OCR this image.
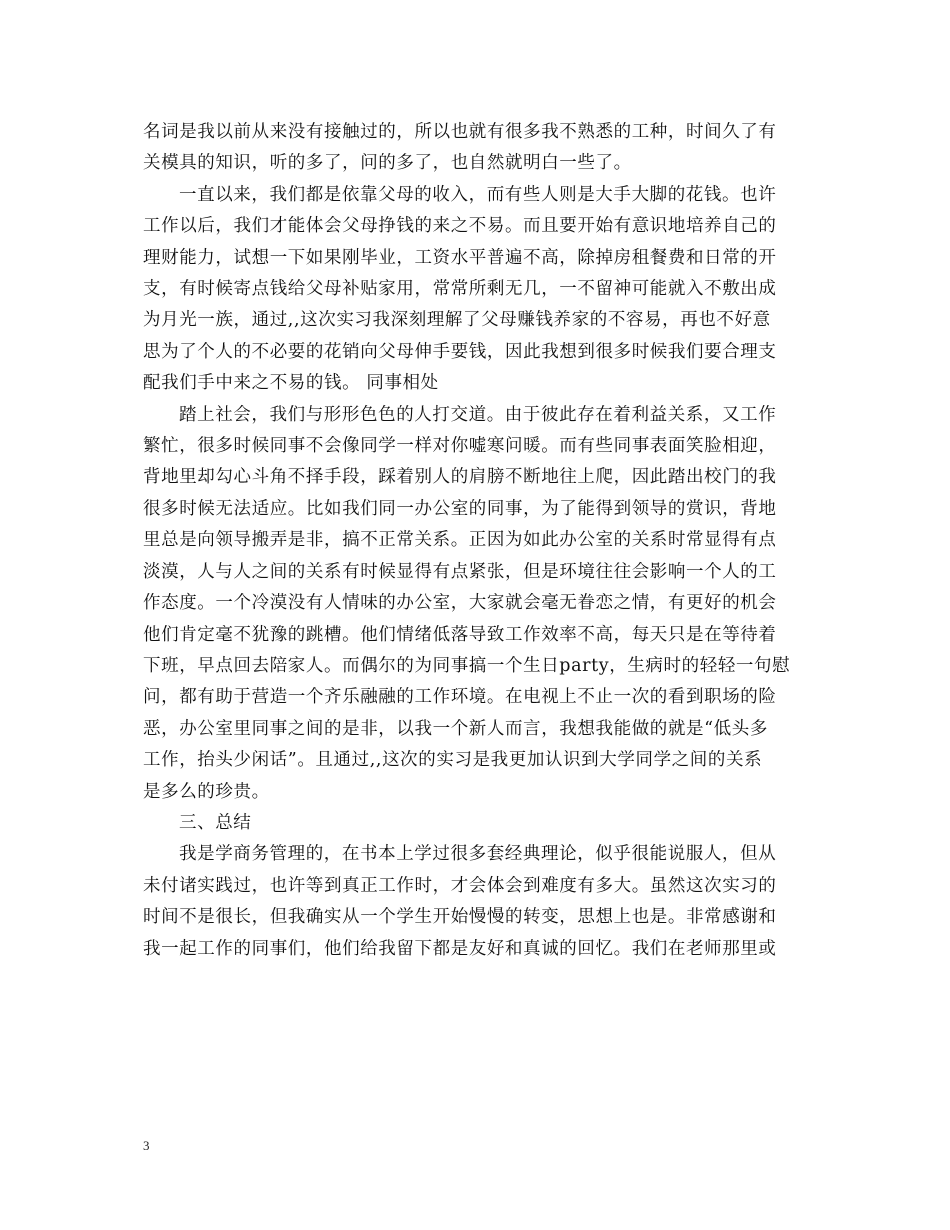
名词是我以前从来没有接触过的，所以也就有很多我不熟悉的工种，时间久了有
关模具的知识，听的多了，问的多了，也自然就明白一些了。

一直以来，我们都是依靠父母的收入，而有些人则是大手大脚的花钱。也许
工作以后，我们才能体会父母挣钱的来之不易。而且要开始有意识地培养自己的
理财能力，试想一下如果刚毕业，工资水平普遍不高，除掉房租餐费和日常的开
支，有时候寄点钱给父母补贴家用，常常所剩无几，一不留神可能就入不敷出成
为月光一族，通过,,这次实习我深刻理解了父母赚钱养家的不容易，再也不好意
思为了个人的不必要的花销向父母伸手要钱，因此我想到很多时候我们要合理支
配我们手中来之不易的钱。 同事相处

踏上社会，我们与形形色色的人打交道。由于彼此存在着利益关系，又工作
繁忙，很多时候同事不会像同学一样对你嘘寒问暖。而有些同事表面笑脸相迎，
背地里却勾心斗角不择手段，踩着别人的肩膀不断地往上爬，因此踏出校门的我
很多时候无法适应。比如我们同一办公室的同事，为了能得到领导的赏识，背地
里总是向领导搬弄是非，搞不正常关系。正因为如此办公室的关系时常显得有点
淡漠，人与人之间的关系有时候显得有点紧张，但是环境往往会影响一个人的工
作态度。一个冷漠没有人情味的办公室，大家就会毫无眷恋之情，有更好的机会
他们肯定毫不犹豫的跳槽。他们情绪低落导致工作效率不高，每天只是在等待着
下班，早点回去陪家人。而偶尔的为同事搞一个生日party，生病时的轻轻一句慰
问，都有助于营造一个齐乐融融的工作环境。在电视上不止一次的看到职场的险
恶，办公室里同事之间的是非，以我一个新人而言，我想我能做的就是“低头多
工作，抬头少闲话”。且通过,,这次的实习是我更加认识到大学同学之间的关系
是多么的珍贵。

三、总结

我是学商务管理的，在书本上学过很多套经典理论，似乎很能说服人，但从
未付诸实践过，也许等到真正工作时，才会体会到难度有多大。虽然这次实习的
时间不是很长，但我确实从一个学生开始慢慢的转变，思想上也是。非常感谢和
我一起工作的同事们，他们给我留下都是友好和真诚的回忆。我们在老师那里或

3
